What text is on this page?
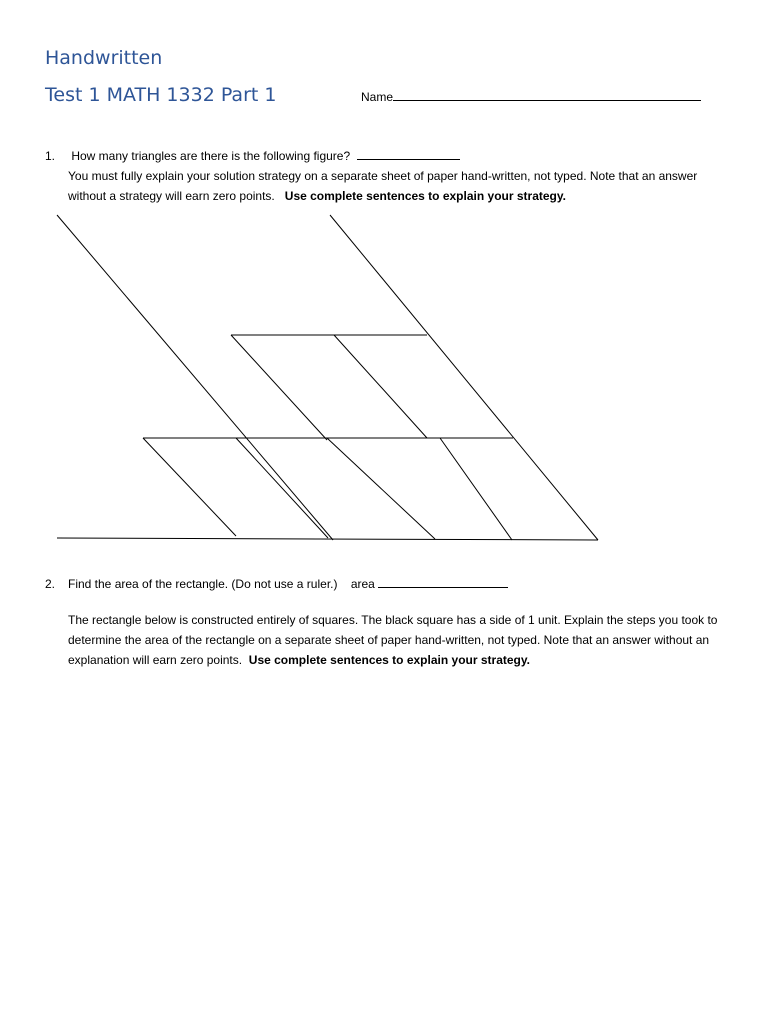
Handwritten
Test 1 MATH 1332 Part 1	Name
1. How many triangles are there is the following figure?
You must fully explain your solution strategy on a separate sheet of paper hand-written, not typed. Note that an answer without a strategy will earn zero points. Use complete sentences to explain your strategy.
2. Find the area of the rectangle. (Do not use a ruler.) area
The rectangle below is constructed entirely of squares. The black square has a side of 1 unit. Explain the steps you took to determine the area of the rectangle on a separate sheet of paper hand-written, not typed. Note that an answer without an explanation will earn zero points. Use complete sentences to explain your strategy.
